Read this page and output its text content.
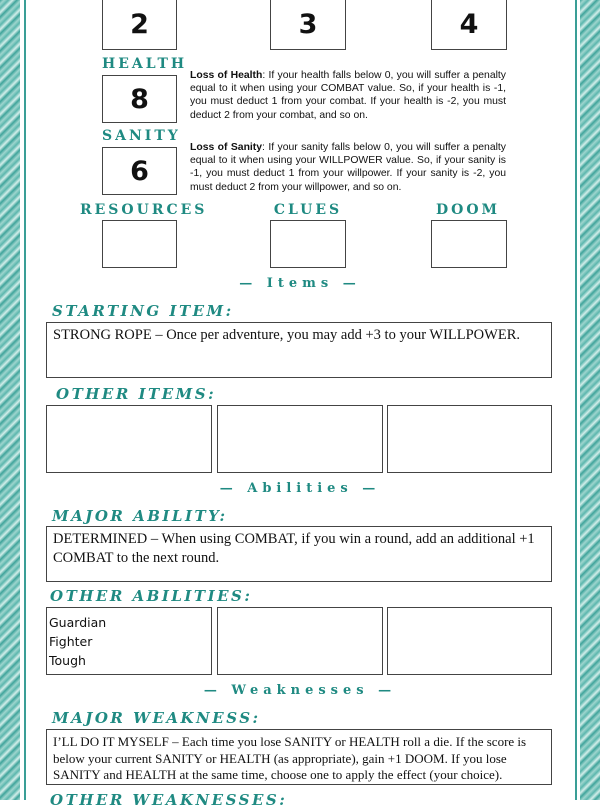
2	3	4
HEALTH
8
Loss of Health: If your health falls below 0, you will suffer a penalty equal to it when using your COMBAT value. So, if your health is -1, you must deduct 1 from your combat. If your health is -2, you must deduct 2 from your combat, and so on.
SANITY
6
Loss of Sanity: If your sanity falls below 0, you will suffer a penalty equal to it when using your WILLPOWER value. So, if your sanity is -1, you must deduct 1 from your willpower. If your sanity is -2, you must deduct 2 from your willpower, and so on.
RESOURCES	CLUES	DOOM
— Items —
STARTING ITEM:
STRONG ROPE – Once per adventure, you may add +3 to your WILLPOWER.
OTHER ITEMS:
— Abilities —
MAJOR ABILITY:
DETERMINED – When using COMBAT, if you win a round, add an additional +1 COMBAT to the next round.
OTHER ABILITIES:
Guardian
Fighter
Tough
— Weaknesses —
MAJOR WEAKNESS:
I’LL DO IT MYSELF – Each time you lose SANITY or HEALTH roll a die. If the score is below your current SANITY or HEALTH (as appropriate), gain +1 DOOM. If you lose SANITY and HEALTH at the same time, choose one to apply the effect (your choice).
OTHER WEAKNESSES:
